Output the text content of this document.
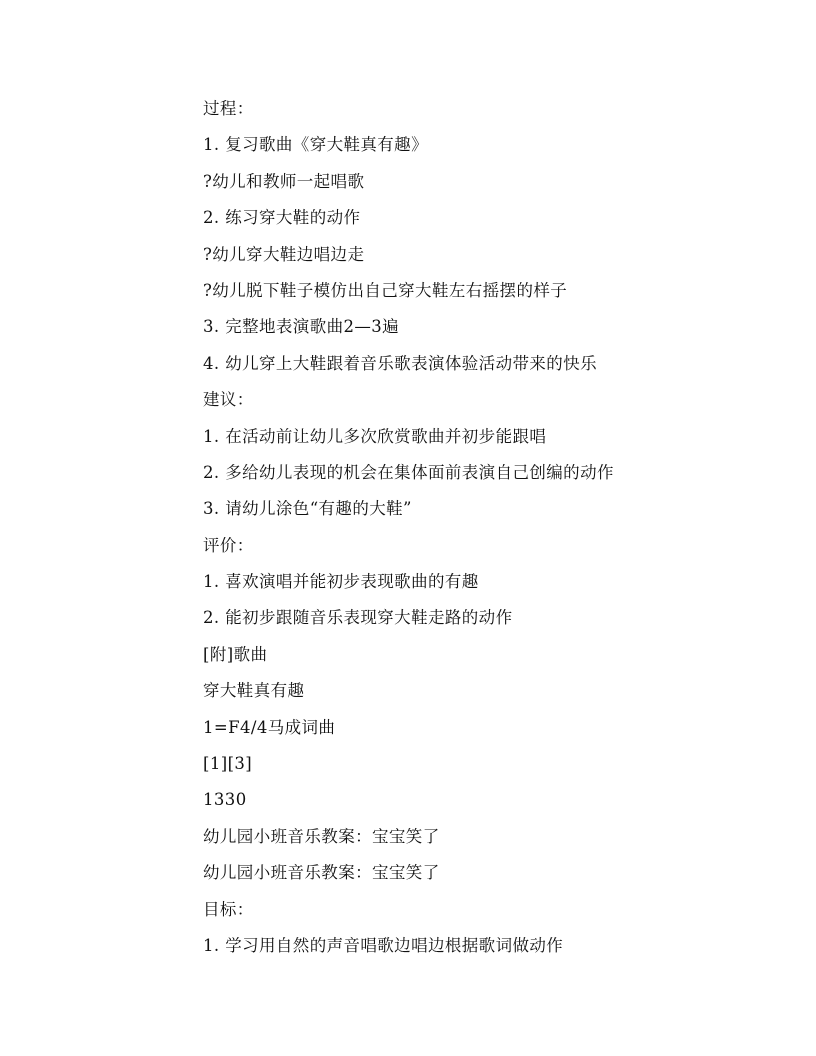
过程：
1. 复习歌曲《穿大鞋真有趣》
?幼儿和教师一起唱歌
2. 练习穿大鞋的动作
?幼儿穿大鞋边唱边走
?幼儿脱下鞋子模仿出自己穿大鞋左右摇摆的样子
3. 完整地表演歌曲2—3遍
4. 幼儿穿上大鞋跟着音乐歌表演体验活动带来的快乐
建议：
1. 在活动前让幼儿多次欣赏歌曲并初步能跟唱
2. 多给幼儿表现的机会在集体面前表演自己创编的动作
3. 请幼儿涂色“有趣的大鞋”
评价：
1. 喜欢演唱并能初步表现歌曲的有趣
2. 能初步跟随音乐表现穿大鞋走路的动作
[附]歌曲
穿大鞋真有趣
1=F4/4马成词曲
[1][3]
1330
幼儿园小班音乐教案：宝宝笑了
幼儿园小班音乐教案：宝宝笑了
目标：
1. 学习用自然的声音唱歌边唱边根据歌词做动作
